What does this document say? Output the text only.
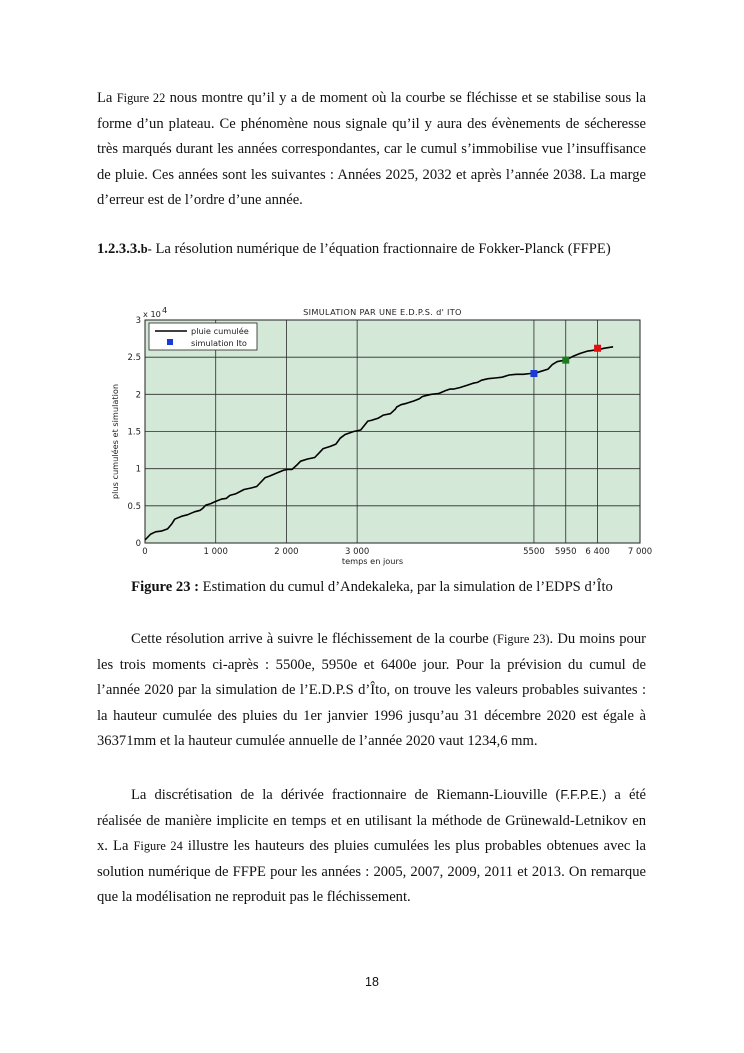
La Figure 22 nous montre qu’il y a de moment où la courbe se fléchisse et se stabilise sous la forme d’un plateau. Ce phénomène nous signale qu’il y aura des évènements de sécheresse très marqués durant les années correspondantes, car le cumul s’immobilise vue l’insuffisance de pluie. Ces années sont les suivantes : Années 2025, 2032 et après l’année 2038. La marge d’erreur est de l’ordre d’une année.

1.2.3.3.b- La résolution numérique de l’équation fractionnaire de Fokker-Planck (FFPE)

0
0.5
1
1.5
2
2.5
3
0	1 000	2 000	3 000	5500 5950 6 400 7 000
SIMULATION PAR UNE E.D.P.S. d' ITO
x 10 4
temps en jours
plus cumulées et simulation
pluie cumulée
simulation Ito

Figure 23 : Estimation du cumul d’Andekaleka, par la simulation de l’EDPS d’Îto

Cette résolution arrive à suivre le fléchissement de la courbe (Figure 23). Du moins pour les trois moments ci-après : 5500e, 5950e et 6400e jour. Pour la prévision du cumul de l’année 2020 par la simulation de l’E.D.P.S d’Îto, on trouve les valeurs probables suivantes : la hauteur cumulée des pluies du 1er janvier 1996 jusqu’au 31 décembre 2020 est égale à 36371mm et la hauteur cumulée annuelle de l’année 2020 vaut 1234,6 mm.

La discrétisation de la dérivée fractionnaire de Riemann-Liouville (F.F.P.E.) a été réalisée de manière implicite en temps et en utilisant la méthode de Grünewald-Letnikov en x. La Figure 24 illustre les hauteurs des pluies cumulées les plus probables obtenues avec la solution numérique de FFPE pour les années : 2005, 2007, 2009, 2011 et 2013. On remarque que la modélisation ne reproduit pas le fléchissement.

18
